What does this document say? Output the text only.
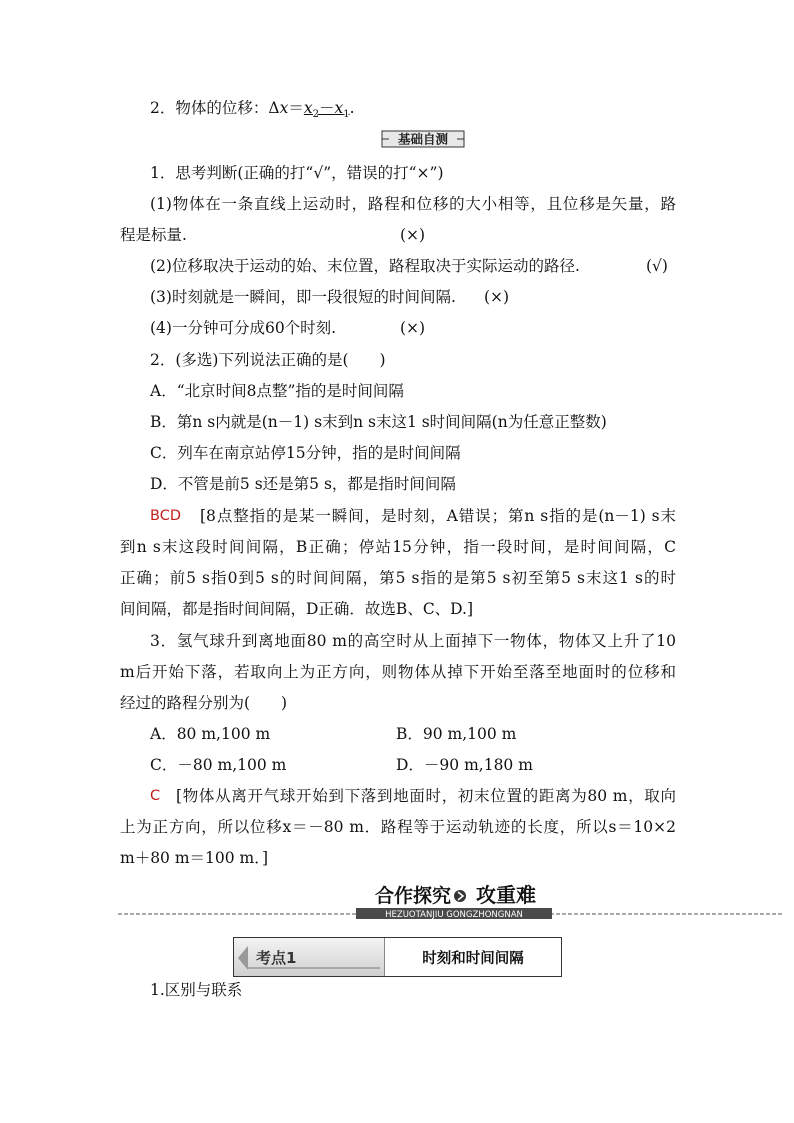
2．物体的位移：$\Delta x=x_2-x_1$.
基础自测
1．思考判断(正确的打“√”，错误的打“×”)
(1)物体在一条直线上运动时，路程和位移的大小相等，且位移是矢量，路
程是标量.	(×)
(2)位移取决于运动的始、末位置，路程取决于实际运动的路径.	(√)
(3)时刻就是一瞬间，即一段很短的时间间隔. (×)
(4)一分钟可分成60个时刻.	(×)
2．(多选)下列说法正确的是(　　)
A．“北京时间8点整”指的是时间间隔
B．第n s内就是(n－1) s末到n s末这1 s时间间隔(n为任意正整数)
C．列车在南京站停15分钟，指的是时间间隔
D．不管是前5 s还是第5 s，都是指时间间隔
BCD [8点整指的是某一瞬间，是时刻，A错误；第n s指的是(n－1) s末
到n s末这段时间间隔，B正确；停站15分钟，指一段时间，是时间间隔，C
正确；前5 s指0到5 s的时间间隔，第5 s指的是第5 s初至第5 s末这1 s的时
间间隔，都是指时间间隔，D正确．故选B、C、D.]
3．氢气球升到离地面80 m的高空时从上面掉下一物体，物体又上升了10
m后开始下落，若取向上为正方向，则物体从掉下开始至落至地面时的位移和
经过的路程分别为(　　)
A．80 m,100 m	B．90 m,100 m
C．－80 m,100 m	D．－90 m,180 m
C [物体从离开气球开始到下落到地面时，初末位置的距离为80 m，取向
上为正方向，所以位移x＝－80 m．路程等于运动轨迹的长度，所以s＝10×2
m＋80 m＝100 m．]
HEZUOTANJIU GONGZHONGNAN
合作探究 攻重难
考点1	时刻和时间间隔
1.区别与联系
